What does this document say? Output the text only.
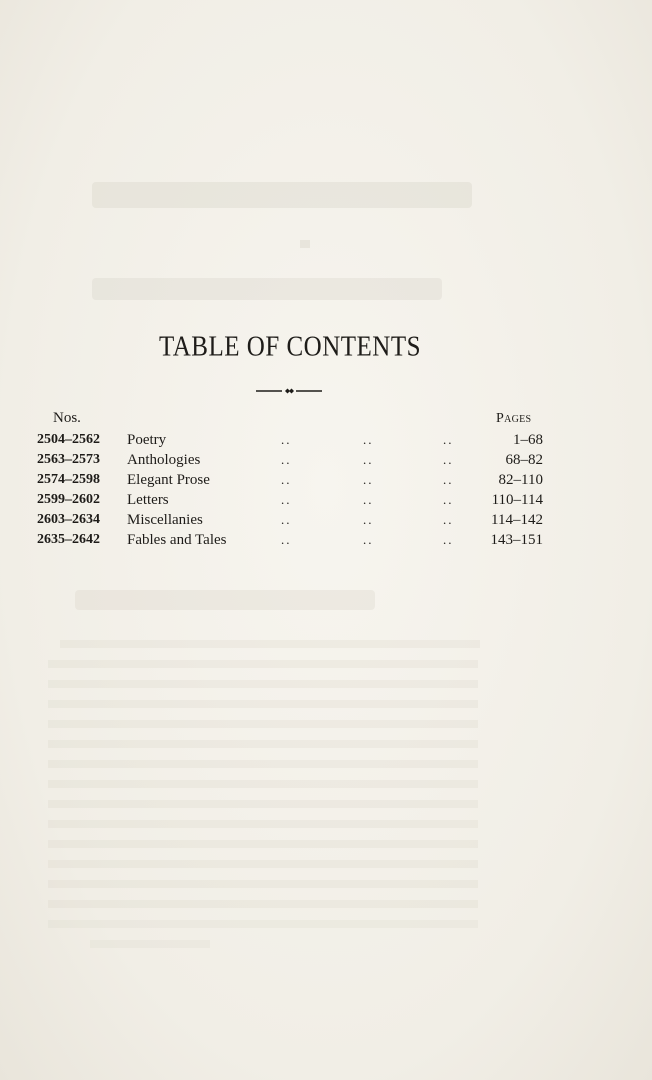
TABLE OF CONTENTS
Nos.	Pages
2504–2562 Poetry	..	..	..	1–68
2563–2573 Anthologies	..	..	..	68–82
2574–2598 Elegant Prose	..	..	..	82–110
2599–2602 Letters	..	..	..	110–114
2603–2634 Miscellanies	..	..	..	114–142
2635–2642 Fables and Tales	..	..	.. 143–151
